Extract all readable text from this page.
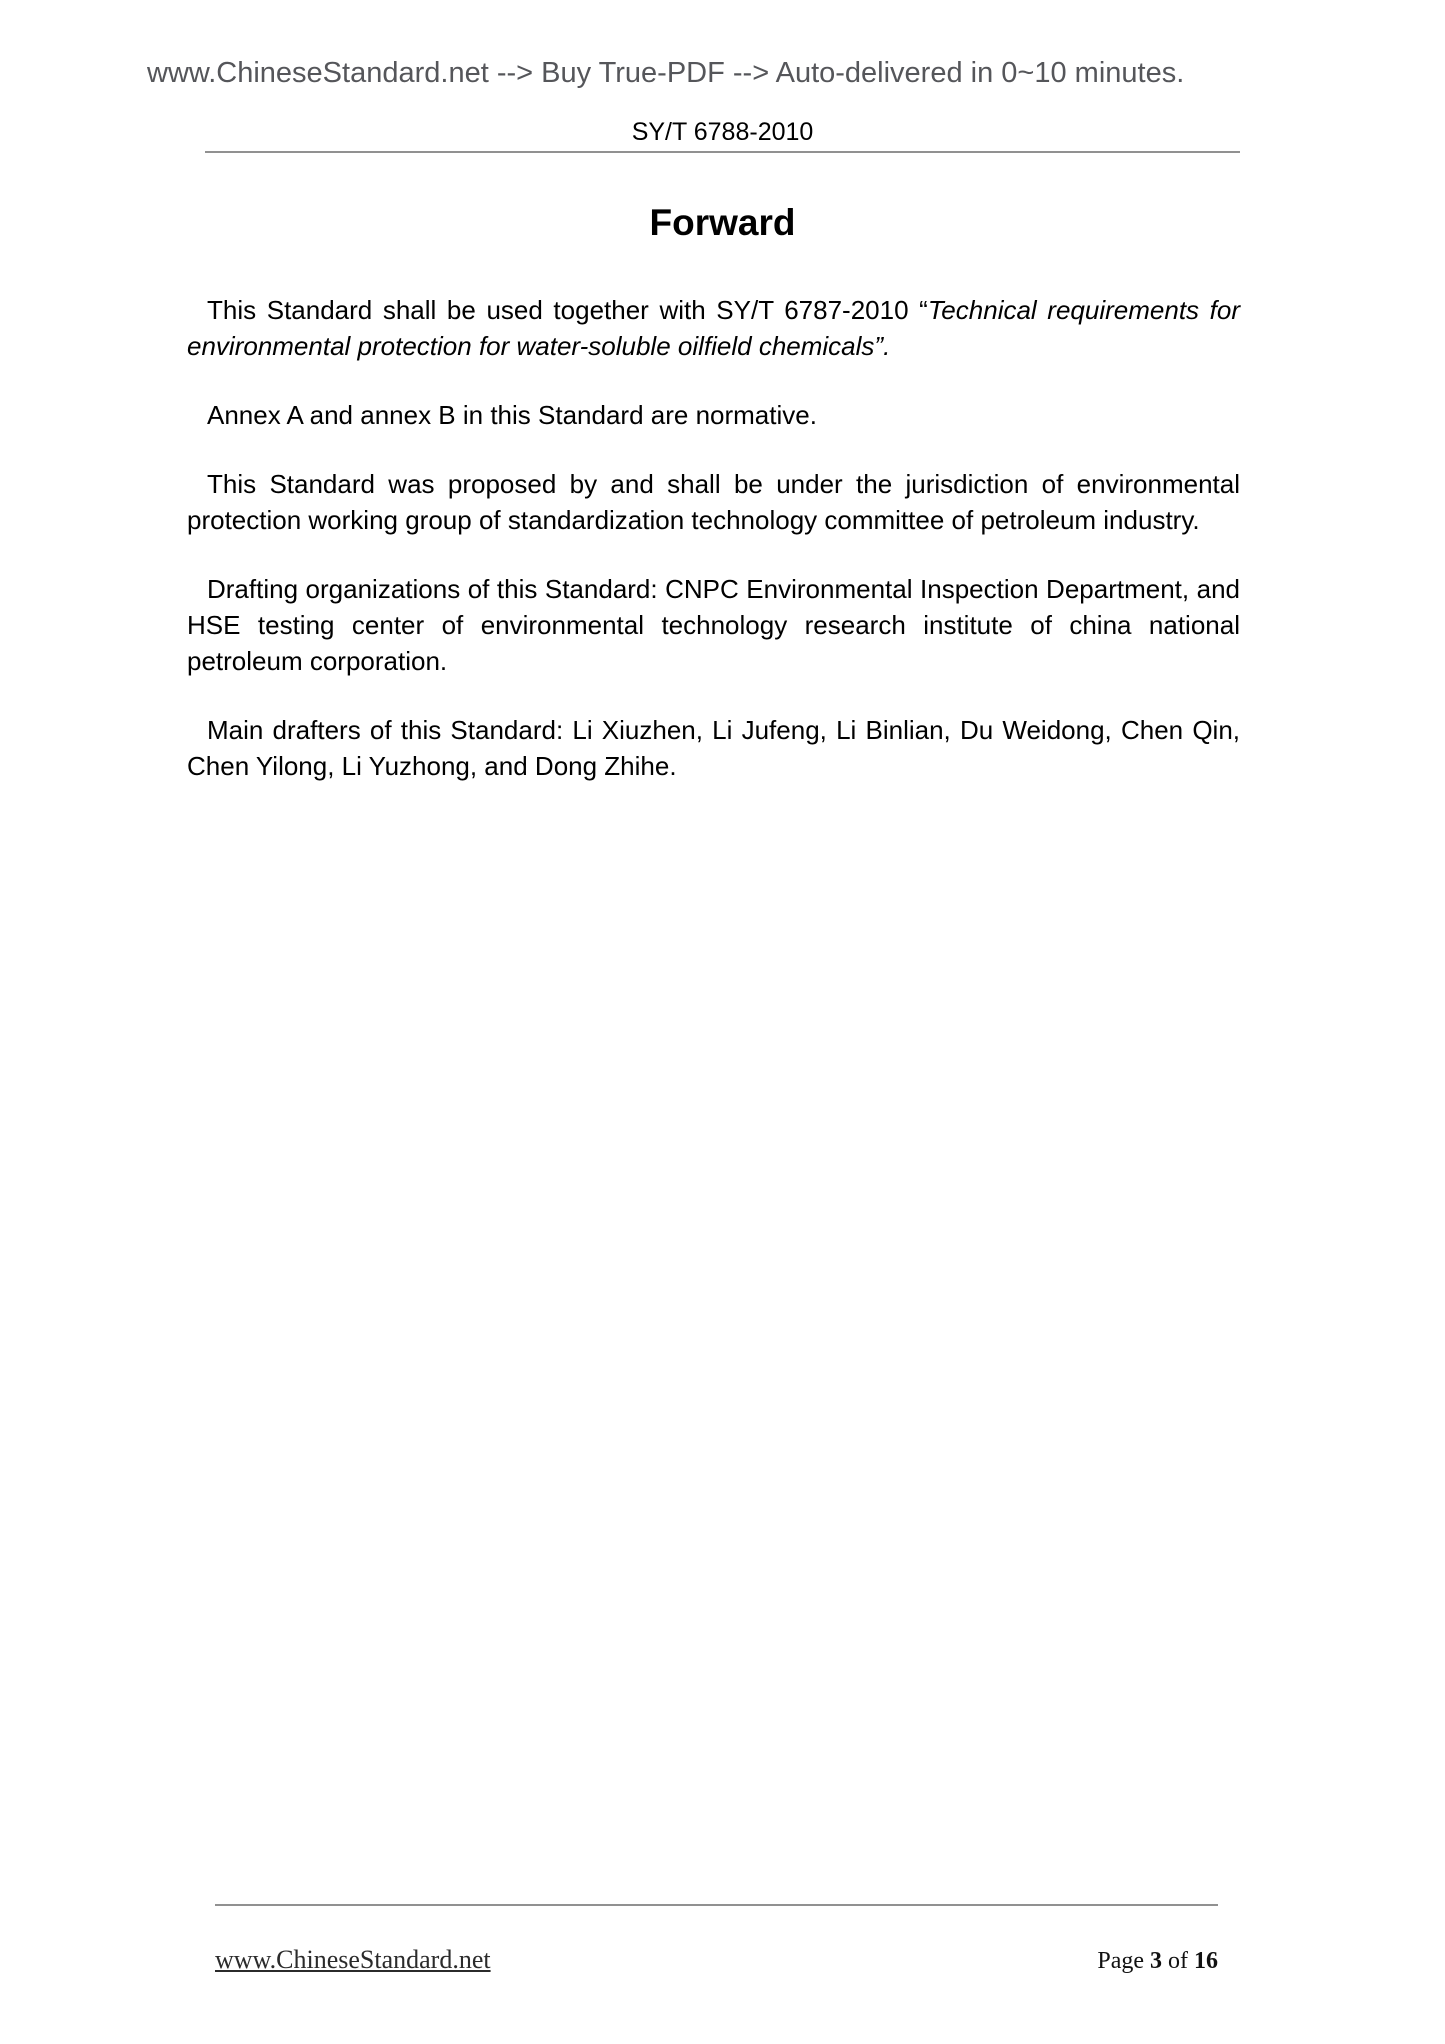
www.ChineseStandard.net --> Buy True-PDF --> Auto-delivered in 0~10 minutes.
SY/T 6788-2010
Forward

This Standard shall be used together with SY/T 6787-2010 “Technical requirements for environmental protection for water-soluble oilfield chemicals”.

Annex A and annex B in this Standard are normative.

This Standard was proposed by and shall be under the jurisdiction of environmental protection working group of standardization technology committee of petroleum industry.

Drafting organizations of this Standard: CNPC Environmental Inspection Department, and HSE testing center of environmental technology research institute of china national petroleum corporation.

Main drafters of this Standard: Li Xiuzhen, Li Jufeng, Li Binlian, Du Weidong, Chen Qin, Chen Yilong, Li Yuzhong, and Dong Zhihe.

www.ChineseStandard.net	Page 3 of 16
